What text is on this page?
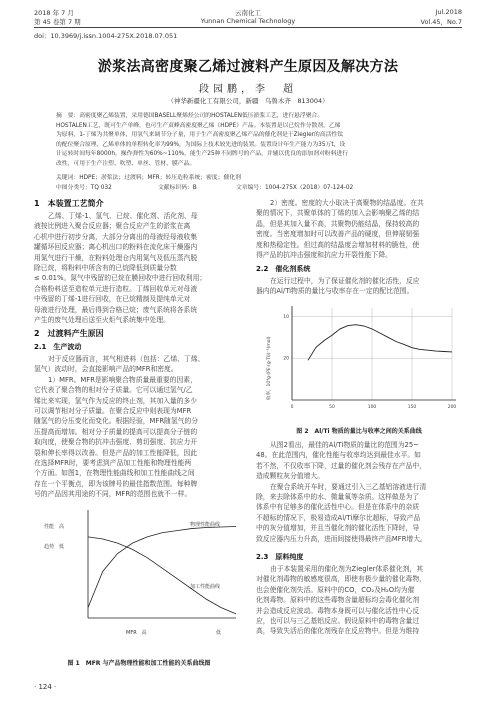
2018 年 7 月
第 45 卷第 7 期
云南化工
Yunnan Chemical Technology
Jul.2018
Vol.45，No.7
doi：10.3969/j.issn.1004-275X.2018.07.051
淤浆法高密度聚乙烯过渡料产生原因及解决方法
段园鹏，李　超
（神华新疆化工有限公司，新疆　乌鲁木齐　813004）
摘　要：高密度聚乙烯装置，采用德国BASELL聚烯烃公司的HOSTALEN低压淤浆工艺，进行悬浮聚合。
HOSTALEN工艺，既可生产单峰，也可生产双峰高密度聚乙烯（HDPE）产品。本装置是以已烷作分散剂，乙烯
为原料，1-丁烯为共聚单体，用氢气来调节分子量，用于生产高密度聚乙烯产品的催化剂是于Ziegler的高活性钛
的配位聚合原理，乙烯单体的单程转化率为99%，为国际上技术较先进的装置。装置设计年生产能力为35万t，设
计运转时间每年8000h，操作弹性为60%~110%，能生产25种不同牌号的产品，并辅以优良的添加剂对粉料进行
改性，可用于生产注塑、吹塑、单丝、管材、膜产品。
关键词：HDPE；淤浆法；过渡料；MFR；转压造粒系统；密度；催化剂
中图分类号：TQ 032	文献标识码：B	文章编号：1004-275X（2018）07-124-02
1　本装置工艺简介
乙烯、丁烯-1、氢气、已烷、催化剂、活化剂、母
液按比例进入聚合反应器；聚合反应产生的淤浆在离
心机中进行初步分离，大部分分离出的母液经母液收集
罐循环回反应器；离心机出口的粉料在流化床干燥器内
用氮气进行干燥，在粉料处理仓内用氮气及低压蒸汽脱
除已烷，将粉料中所含有的已烷降低到质量分数
≤ 0.01%。氮气中残留的已烷在膜回收中进行回收利用；
合格粉料送至造粒单元进行造粒。丁烯回收单元对母液
中残留的丁烯-1进行回收，在已烷精制及提纯单元对
母液进行处理，最后得到合格已烷；废气系统将各系统
产生的废气处理后送至火炬气系统集中处理。
2　过渡料产生原因
2.1　生产波动
对于反应器而言，其气相进料（包括：乙烯、丁烯、
氢气）波动时，会直接影响产品的MFR和密度。
1）MFR。MFR是影响聚合物质量最重要的因素，
它代表了聚合物的相对分子质量。它可以通过氢气/乙
烯比来实现，氢气作为反应的终止剂，其加入量的多少
可以调节相对分子质量。在聚合反应中则表现为MFR
随氢气的分压变化而变化。根据经验，MFR随氢气的分
压提高而增加。相对分子质量的提高可以提高分子链的
取向度，使聚合物的抗冲击强度、剪切强度、抗应力开
裂和伸长率得以改善。但是产品的加工性能降低，因此
在选择MFR时，要考虑到产品加工性能和物理性能两
个方面。如图1，在物理性能曲线和加工性能曲线之间
存在一个平衡点，即为该牌号的最佳指数范围。每种牌
号的产品因其用途的不同，MFR的范围也就不一样。
性能　高
趋势　低
物理性能曲线
加工性能曲线
MFR　高	低
图 1　MFR 与产品物理性能和加工性能的关系曲线图
· 124 ·
2）密度。密度的大小取决于高聚物的结晶度。在共
聚的情况下，共聚单体的丁烯的加入会影响聚乙烯的结
晶，但是其加入量不高，共聚物仍能结晶，保持较高的
密度。当密度增加时可以改善产品的硬度，但伸展韧强
度和热稳定性。但过高的结晶度会增加材料的脆性，使
得产品的抗冲击强度和抗应力开裂性能下降。
2.2　催化剂系统
在运行过程中，为了保证催化剂的催化活性，反应
器内的Al/Ti物质的量比与收率存在一定的配比范围。
0	50	100	150	200
20
10
收率，10⁴g·(PE·(g·Ti))⁻¹(mol)
图 2　Al/Ti 物质的量比与收率之间的关系曲线
从图2看出，最佳的Al/Ti物质的量比的范围为25~
48。在此范围内，催化性能与收率均达到最佳水平。如
若不然，不仅收率下降，过量的催化剂会残存在产品中，
造成颗粒灰分值增大。
在聚合系统开车时，要通过引入三乙基铝溶液进行清
除，来去除体系中的水、微量氧等杂质。这样做是为了
体系中有足够多的催化活性中心。但是在体系中的杂质
不超标的情况下，极易造成Al/Ti摩尔比超标，导致产品
中的灰分值增加，并且当催化剂的催化活性下降时，导
致反应器内压力升高，进而间接使得最终产品MFR增大。
2.3　原料纯度
由于本装置采用的催化剂为Ziegler体系催化剂，其
对催化剂毒物的敏感度很高，即使有极少量的催化毒物，
也会使催化剂失活。原料中的CO，CO₂及H₂O均为催
化剂毒物。原料中的这些毒物含量超标均会毒化催化剂
并会造成反应波动。毒物本身既可以与催化活性中心反
应，也可以与三乙基铝反应。假设原料中的毒物含量过
高，导致失活后的催化剂残存在反应物中。但是为维持
